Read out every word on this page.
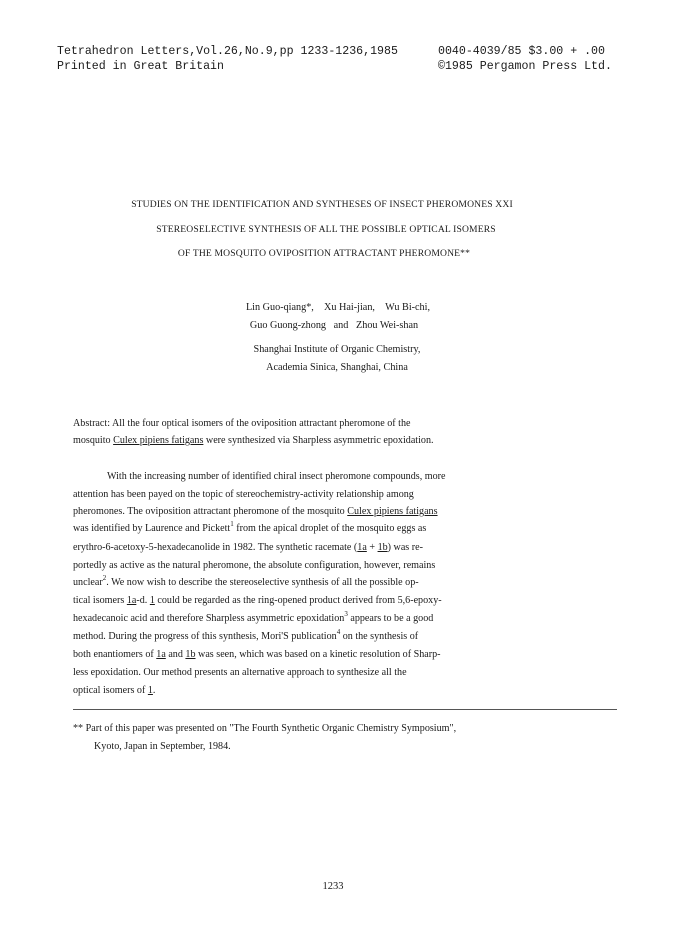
Tetrahedron Letters,Vol.26,No.9,pp 1233-1236,1985
Printed in Great Britain
0040-4039/85 $3.00 + .00
©1985 Pergamon Press Ltd.
STUDIES ON THE IDENTIFICATION AND SYNTHESES OF INSECT PHEROMONES XXI
STEREOSELECTIVE SYNTHESIS OF ALL THE POSSIBLE OPTICAL ISOMERS
OF THE MOSQUITO OVIPOSITION ATTRACTANT PHEROMONE**
Lin Guo-qiang*, Xu Hai-jian, Wu Bi-chi,
Guo Guong-zhong and Zhou Wei-shan
Shanghai Institute of Organic Chemistry,
Academia Sinica, Shanghai, China
Abstract: All the four optical isomers of the oviposition attractant pheromone of the
mosquito Culex pipiens fatigans were synthesized via Sharpless asymmetric epoxidation.
With the increasing number of identified chiral insect pheromone compounds, more
attention has been payed on the topic of stereochemistry-activity relationship among
pheromones. The oviposition attractant pheromone of the mosquito Culex pipiens fatigans
was identified by Laurence and Pickett$^1$ from the apical droplet of the mosquito eggs as
erythro-6-acetoxy-5-hexadecanolide in 1982. The synthetic racemate (1a + 1b) was re-
portedly as active as the natural pheromone, the absolute configuration, however, remains
unclear$^2$. We now wish to describe the stereoselective synthesis of all the possible op-
tical isomers 1a-d. 1 could be regarded as the ring-opened product derived from 5,6-epoxy-
hexadecanoic acid and therefore Sharpless asymmetric epoxidation$^3$ appears to be a good
method. During the progress of this synthesis, Mori'S publication$^4$ on the synthesis of
both enantiomers of 1a and 1b was seen, which was based on a kinetic resolution of Sharp-
less epoxidation. Our method presents an alternative approach to synthesize all the
optical isomers of 1.
** Part of this paper was presented on "The Fourth Synthetic Organic Chemistry Symposium",
Kyoto, Japan in September, 1984.
1233
